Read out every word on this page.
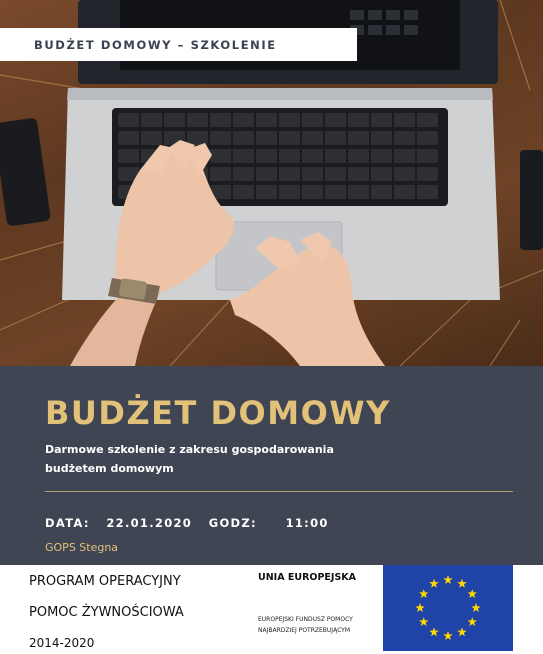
BUDŻET DOMOWY – SZKOLENIE
BUDŻET DOMOWY
Darmowe szkolenie z zakresu gospodarowania
budżetem domowym
DATA: 22.01.2020 GODZ: 11:00
GOPS Stegna
PROGRAM OPERACYJNY
POMOC ŻYWNOŚCIOWA
2014-2020
UNIA EUROPEJSKA
EUROPEJSKI FUNDUSZ POMOCY
NAJBARDZIEJ POTRZEBUJĄCYM
